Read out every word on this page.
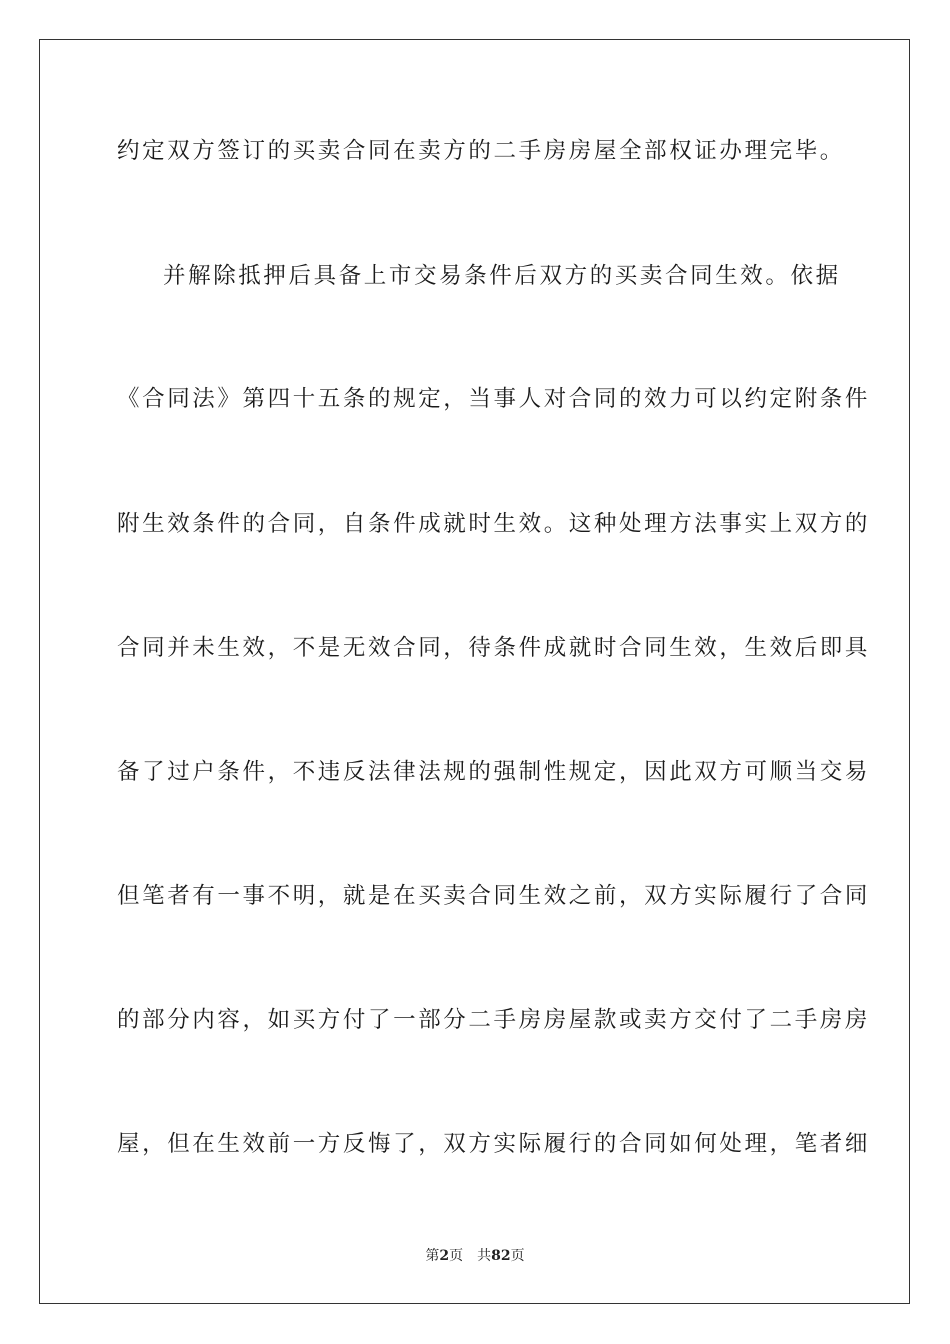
约定双方签订的买卖合同在卖方的二手房房屋全部权证办理完毕。
并解除抵押后具备上市交易条件后双方的买卖合同生效。依据
《合同法》第四十五条的规定，当事人对合同的效力可以约定附条件
附生效条件的合同，自条件成就时生效。这种处理方法事实上双方的
合同并未生效，不是无效合同，待条件成就时合同生效，生效后即具
备了过户条件，不违反法律法规的强制性规定，因此双方可顺当交易
但笔者有一事不明，就是在买卖合同生效之前，双方实际履行了合同
的部分内容，如买方付了一部分二手房房屋款或卖方交付了二手房房
屋，但在生效前一方反悔了，双方实际履行的合同如何处理，笔者细
第2页 共82页
